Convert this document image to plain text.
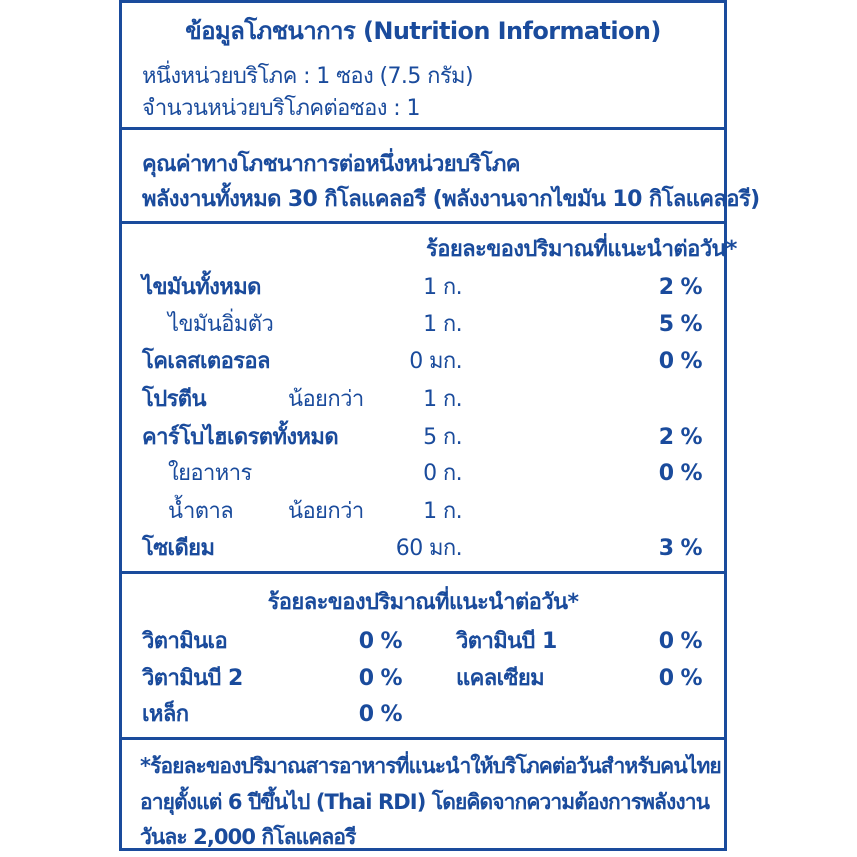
ข้อมูลโภชนาการ (Nutrition Information)
หนึ่งหน่วยบริโภค : 1 ซอง (7.5 กรัม)
จำนวนหน่วยบริโภคต่อซอง : 1
คุณค่าทางโภชนาการต่อหนึ่งหน่วยบริโภค
พลังงานทั้งหมด 30 กิโลแคลอรี (พลังงานจากไขมัน 10 กิโลแคลอรี)
ร้อยละของปริมาณที่แนะนำต่อวัน*
ไขมันทั้งหมด	1 ก.	2 %
ไขมันอิ่มตัว	1 ก.	5 %
โคเลสเตอรอล	0 มก.	0 %
โปรตีน	น้อยกว่า	1 ก.
คาร์โบไฮเดรตทั้งหมด	5 ก.	2 %
ใยอาหาร	0 ก.	0 %
น้ำตาล น้อยกว่า	1 ก.
โซเดียม	60 มก.	3 %
ร้อยละของปริมาณที่แนะนำต่อวัน*
วิตามินเอ	0 % วิตามินบี 1	0 %
วิตามินบี 2	0 % แคลเซียม	0 %
เหล็ก	0 %
*ร้อยละของปริมาณสารอาหารที่แนะนำให้บริโภคต่อวันสำหรับคนไทย
อายุตั้งแต่ 6 ปีขึ้นไป (Thai RDI) โดยคิดจากความต้องการพลังงาน
วันละ 2,000 กิโลแคลอรี
